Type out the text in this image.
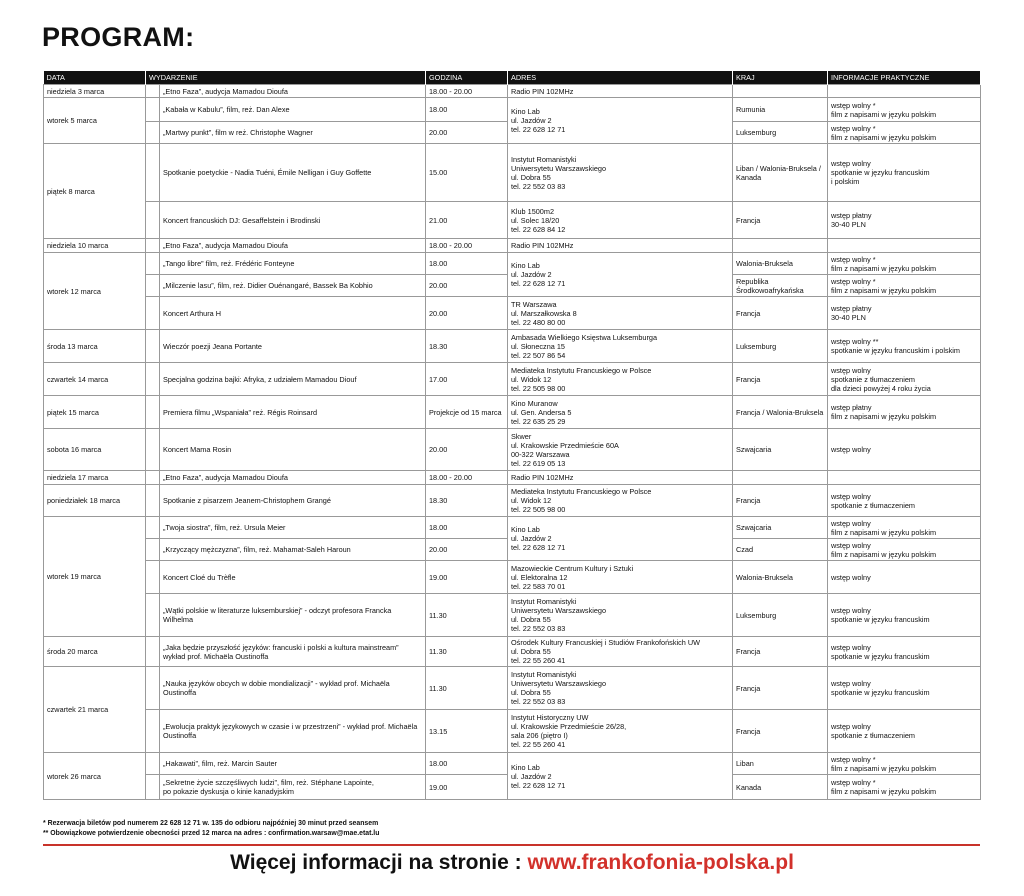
PROGRAM:
DATA	WYDARZENIE		GODZINA	ADRES	KRAJ	INFORMACJE PRAKTYCZNE
niedziela 3 marca		„Etno Faza”, audycja Mamadou Dioufa	18.00 - 20.00	Radio PIN 102MHz		
wtorek 5 marca		„Kabała w Kabulu”, film, reż. Dan Alexe	18.00	Kino Lab
ul. Jazdów 2
tel. 22 628 12 71	Rumunia	wstęp wolny *
film z napisami w języku polskim

		„Martwy punkt”, film w reż. Christophe Wagner	20.00		Luksemburg	wstęp wolny *
film z napisami w języku polskim
piątek 8 marca		Spotkanie poetyckie - Nadia Tuéni, Émile Nelligan i Guy Goffette	15.00	Instytut Romanistyki
Uniwersytetu Warszawskiego
ul. Dobra 55
tel. 22 552 03 83	Liban / Walonia-Bruksela / Kanada	wstęp wolny
spotkanie w języku francuskim
i polskim

		Koncert francuskich DJ: Gesaffelstein i Brodinski	21.00	Klub 1500m2
ul. Solec 18/20
tel. 22 628 84 12	Francja	wstęp płatny
30-40 PLN
niedziela 10 marca		„Etno Faza”, audycja Mamadou Dioufa	18.00 - 20.00	Radio PIN 102MHz		
wtorek 12 marca		„Tango libre” film, reż. Frédéric Fonteyne	18.00	Kino Lab
ul. Jazdów 2
tel. 22 628 12 71	Walonia-Bruksela	wstęp wolny *
film z napisami w języku polskim

		„Milczenie lasu”, film, reż. Didier Ouénangaré, Bassek Ba Kobhio	20.00		Republika
Środkowoafrykańska	wstęp wolny *
film z napisami w języku polskim

		Koncert Arthura H	20.00	TR Warszawa
ul. Marszałkowska 8
tel. 22 480 80 00	Francja	wstęp płatny
30-40 PLN
środa 13 marca		Wieczór poezji Jeana Portante	18.30	Ambasada Wielkiego Księstwa Luksemburga
ul. Słoneczna 15
tel. 22 507 86 54	Luksemburg	wstęp wolny **
spotkanie w języku francuskim i polskim
czwartek 14 marca		Specjalna godzina bajki: Afryka, z udziałem Mamadou Diouf	17.00	Mediateka Instytutu Francuskiego w Polsce
ul. Widok 12
tel. 22 505 98 00	Francja	wstęp wolny
spotkanie z tłumaczeniem
dla dzieci powyżej 4 roku życia
piątek 15 marca		Premiera filmu „Wspaniała” reż. Régis Roinsard	Projekcje od 15 marca	Kino Muranow
ul. Gen. Andersa 5
tel. 22 635 25 29	Francja / Walonia-Bruksela	wstęp płatny
film z napisami w języku polskim
sobota 16 marca		Koncert Mama Rosin	20.00	Skwer
ul. Krakowskie Przedmieście 60A
00-322 Warszawa
tel. 22 619 05 13	Szwajcaria	wstęp wolny
niedziela 17 marca		„Etno Faza”, audycja Mamadou Dioufa	18.00 - 20.00	Radio PIN 102MHz		
poniedziałek 18 marca		Spotkanie z pisarzem Jeanem-Christophem Grangé	18.30	Mediateka Instytutu Francuskiego w Polsce
ul. Widok 12
tel. 22 505 98 00	Francja	wstęp wolny
spotkanie z tłumaczeniem
wtorek 19 marca		„Twoja siostra”, film, reż. Ursula Meier	18.00	Kino Lab
ul. Jazdów 2
tel. 22 628 12 71	Szwajcaria	wstęp wolny
film z napisami w języku polskim

		„Krzyczący mężczyzna”, film, reż. Mahamat-Saleh Haroun	20.00		Czad	wstęp wolny
film z napisami w języku polskim

		Koncert Cloé du Trèfle	19.00	Mazowieckie Centrum Kultury i Sztuki
ul. Elektoralna 12
tel. 22 583 70 01	Walonia-Bruksela	wstęp wolny

		„Wątki polskie w literaturze luksemburskiej” - odczyt profesora Francka Wilhelma	11.30	Instytut Romanistyki
Uniwersytetu Warszawskiego
ul. Dobra 55
tel. 22 552 03 83	Luksemburg	wstęp wolny
spotkanie w języku francuskim
środa 20 marca		„Jaka będzie przyszłość języków: francuski i polski a kultura mainstream” wykład prof. Michaëla Oustinoffa	11.30	Ośrodek Kultury Francuskiej i Studiów Frankofońskich UW
ul. Dobra 55
tel. 22 55 260 41	Francja	wstęp wolny
spotkanie w języku francuskim
czwartek 21 marca		„Nauka języków obcych w dobie mondializacji” - wykład prof. Michaëla Oustinoffa	11.30	Instytut Romanistyki
Uniwersytetu Warszawskiego
ul. Dobra 55
tel. 22 552 03 83	Francja	wstęp wolny
spotkanie w języku francuskim

		„Ewolucja praktyk językowych w czasie i w przestrzeni” - wykład prof. Michaëla Oustinoffa	13.15	Instytut Historyczny UW
ul. Krakowskie Przedmieście 26/28,
sala 206 (piętro I)
tel. 22 55 260 41	Francja	wstęp wolny
spotkanie z tłumaczeniem
wtorek 26 marca		„Hakawati”, film, reż. Marcin Sauter	18.00	Kino Lab
ul. Jazdów 2
tel. 22 628 12 71	Liban	wstęp wolny *
film z napisami w języku polskim

		„Sekretne życie szczęśliwych ludzi”, film, reż. Stéphane Lapointe,
po pokazie dyskusja o kinie kanadyjskim	19.00		Kanada	wstęp wolny *
film z napisami w języku polskim
* Rezerwacja biletów pod numerem 22 628 12 71 w. 135 do odbioru najpóźniej 30 minut przed seansem
** Obowiązkowe potwierdzenie obecności przed 12 marca na adres : confirmation.warsaw@mae.etat.lu
Więcej informacji na stronie : www.frankofonia-polska.pl
